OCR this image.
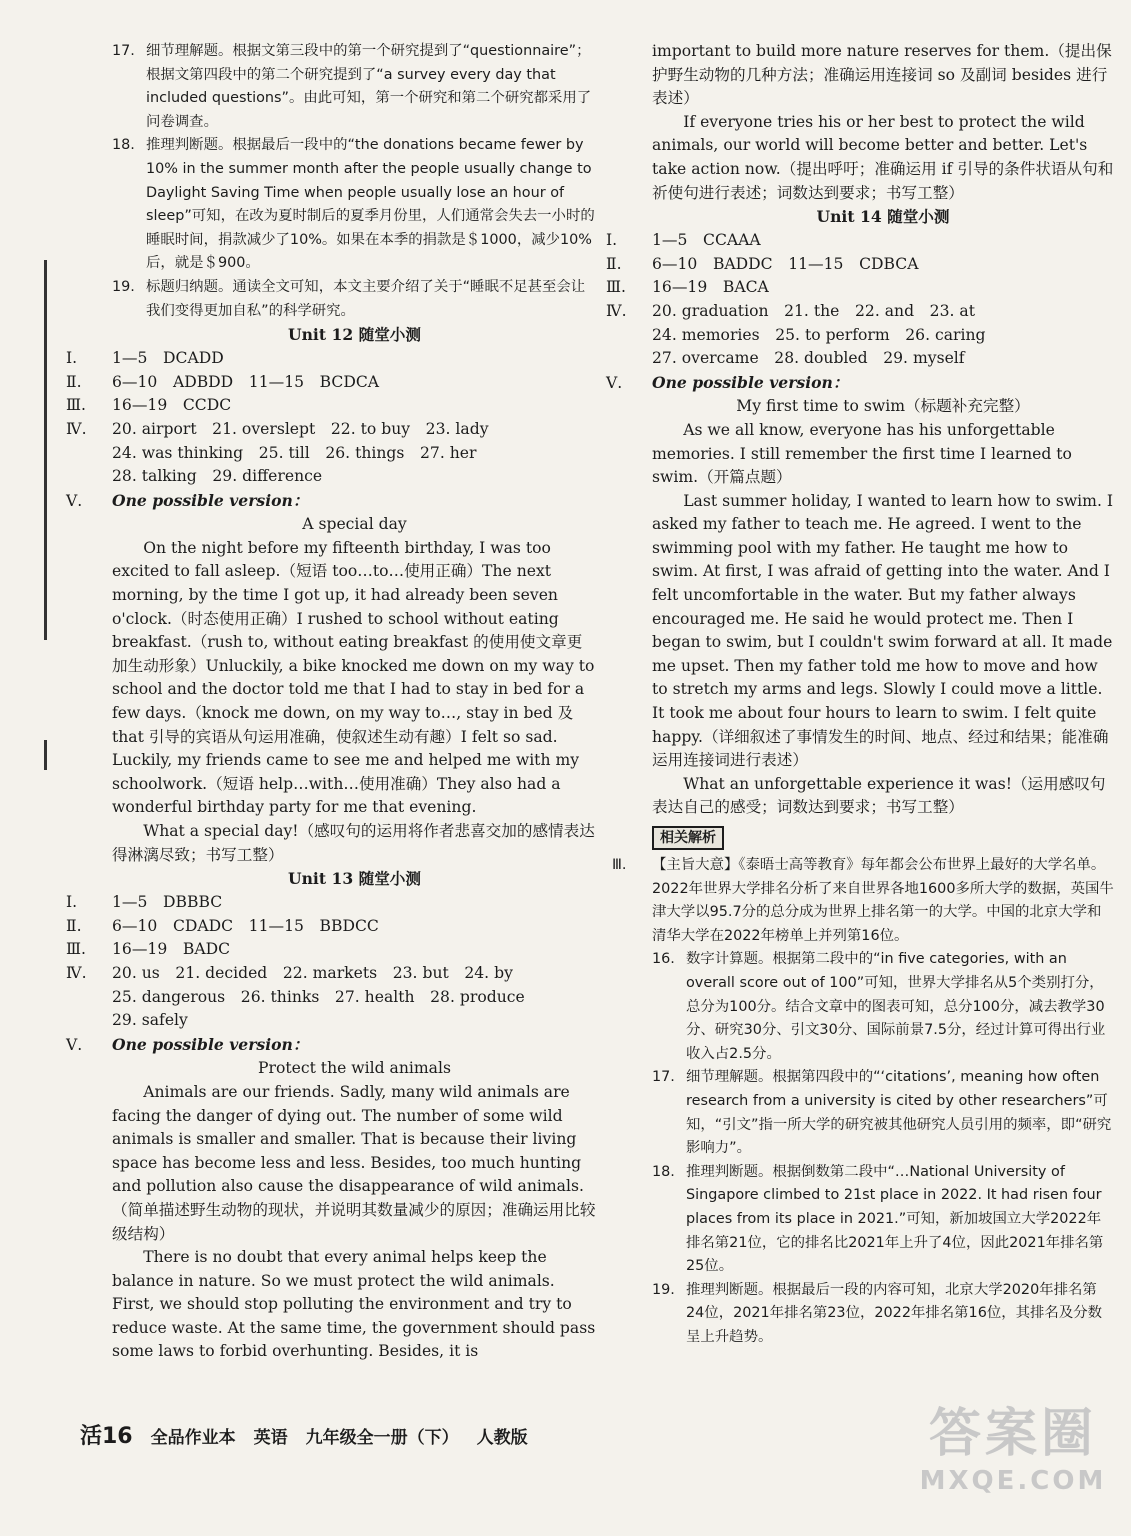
17. 细节理解题。根据文第三段中的第一个研究提到了“questionnaire”；根据文第四段中的第二个研究提到了“a survey every day that included questions”。由此可知，第一个研究和第二个研究都采用了问卷调查。

18. 推理判断题。根据最后一段中的“the donations became fewer by 10% in the summer month after the people usually change to Daylight Saving Time when people usually lose an hour of sleep”可知，在改为夏时制后的夏季月份里，人们通常会失去一小时的睡眠时间，捐款减少了10%。如果在本季的捐款是＄1000，减少10%后，就是＄900。

19. 标题归纳题。通读全文可知，本文主要介绍了关于“睡眠不足甚至会让我们变得更加自私”的科学研究。

Unit 12 随堂小测

Ⅰ. 1—5　DCADD

Ⅱ. 6—10　ADBDD　11—15　BCDCA

Ⅲ. 16—19　CCDC

Ⅳ. 20. airport　21. overslept　22. to buy　23. lady

24. was thinking　25. till　26. things　27. her

28. talking　29. difference

Ⅴ. One possible version：

A special day

On the night before my fifteenth birthday, I was too excited to fall asleep.（短语 too…to…使用正确）The next morning, by the time I got up, it had already been seven o'clock.（时态使用正确）I rushed to school without eating breakfast.（rush to, without eating breakfast 的使用使文章更加生动形象）Unluckily, a bike knocked me down on my way to school and the doctor told me that I had to stay in bed for a few days.（knock me down, on my way to…, stay in bed 及 that 引导的宾语从句运用准确，使叙述生动有趣）I felt so sad. Luckily, my friends came to see me and helped me with my schoolwork.（短语 help…with…使用准确）They also had a wonderful birthday party for me that evening.

What a special day!（感叹句的运用将作者悲喜交加的感情表达得淋漓尽致；书写工整）

Unit 13 随堂小测

Ⅰ. 1—5　DBBBC

Ⅱ. 6—10　CDADC　11—15　BBDCC

Ⅲ. 16—19　BADC

Ⅳ. 20. us　21. decided　22. markets　23. but　24. by

25. dangerous　26. thinks　27. health　28. produce

29. safely

Ⅴ. One possible version：

Protect the wild animals

Animals are our friends. Sadly, many wild animals are facing the danger of dying out. The number of some wild animals is smaller and smaller. That is because their living space has become less and less. Besides, too much hunting and pollution also cause the disappearance of wild animals.（简单描述野生动物的现状，并说明其数量减少的原因；准确运用比较级结构）

There is no doubt that every animal helps keep the balance in nature. So we must protect the wild animals. First, we should stop polluting the environment and try to reduce waste. At the same time, the government should pass some laws to forbid overhunting. Besides, it is

important to build more nature reserves for them.（提出保护野生动物的几种方法；准确运用连接词 so 及副词 besides 进行表述）

If everyone tries his or her best to protect the wild animals, our world will become better and better. Let's take action now.（提出呼吁；准确运用 if 引导的条件状语从句和祈使句进行表述；词数达到要求；书写工整）

Unit 14 随堂小测

Ⅰ. 1—5　CCAAA

Ⅱ. 6—10　BADDC　11—15　CDBCA

Ⅲ. 16—19　BACA

Ⅳ. 20. graduation　21. the　22. and　23. at

24. memories　25. to perform　26. caring

27. overcame　28. doubled　29. myself

Ⅴ. One possible version：

My first time to swim（标题补充完整）

As we all know, everyone has his unforgettable memories. I still remember the first time I learned to swim.（开篇点题）

Last summer holiday, I wanted to learn how to swim. I asked my father to teach me. He agreed. I went to the swimming pool with my father. He taught me how to swim. At first, I was afraid of getting into the water. And I felt uncomfortable in the water. But my father always encouraged me. He said he would protect me. Then I began to swim, but I couldn't swim forward at all. It made me upset. Then my father told me how to move and how to stretch my arms and legs. Slowly I could move a little. It took me about four hours to learn to swim. I felt quite happy.（详细叙述了事情发生的时间、地点、经过和结果；能准确运用连接词进行表述）

What an unforgettable experience it was!（运用感叹句表达自己的感受；词数达到要求；书写工整）

相关解析

Ⅲ. 【主旨大意】《泰晤士高等教育》每年都会公布世界上最好的大学名单。2022年世界大学排名分析了来自世界各地1600多所大学的数据，英国牛津大学以95.7分的总分成为世界上排名第一的大学。中国的北京大学和清华大学在2022年榜单上并列第16位。

16. 数字计算题。根据第二段中的“in five categories, with an overall score out of 100”可知，世界大学排名从5个类别打分，总分为100分。结合文章中的图表可知，总分100分，减去教学30分、研究30分、引文30分、国际前景7.5分，经过计算可得出行业收入占2.5分。

17. 细节理解题。根据第四段中的“‘citations’, meaning how often research from a university is cited by other researchers”可知，“引文”指一所大学的研究被其他研究人员引用的频率，即“研究影响力”。

18. 推理判断题。根据倒数第二段中“…National University of Singapore climbed to 21st place in 2022. It had risen four places from its place in 2021.”可知，新加坡国立大学2022年排名第21位，它的排名比2021年上升了4位，因此2021年排名第25位。

19. 推理判断题。根据最后一段的内容可知，北京大学2020年排名第24位，2021年排名第23位，2022年排名第16位，其排名及分数呈上升趋势。

活16 全品作业本 英语 九年级全一册（下） 人教版	答案圈
MXQE.COM
